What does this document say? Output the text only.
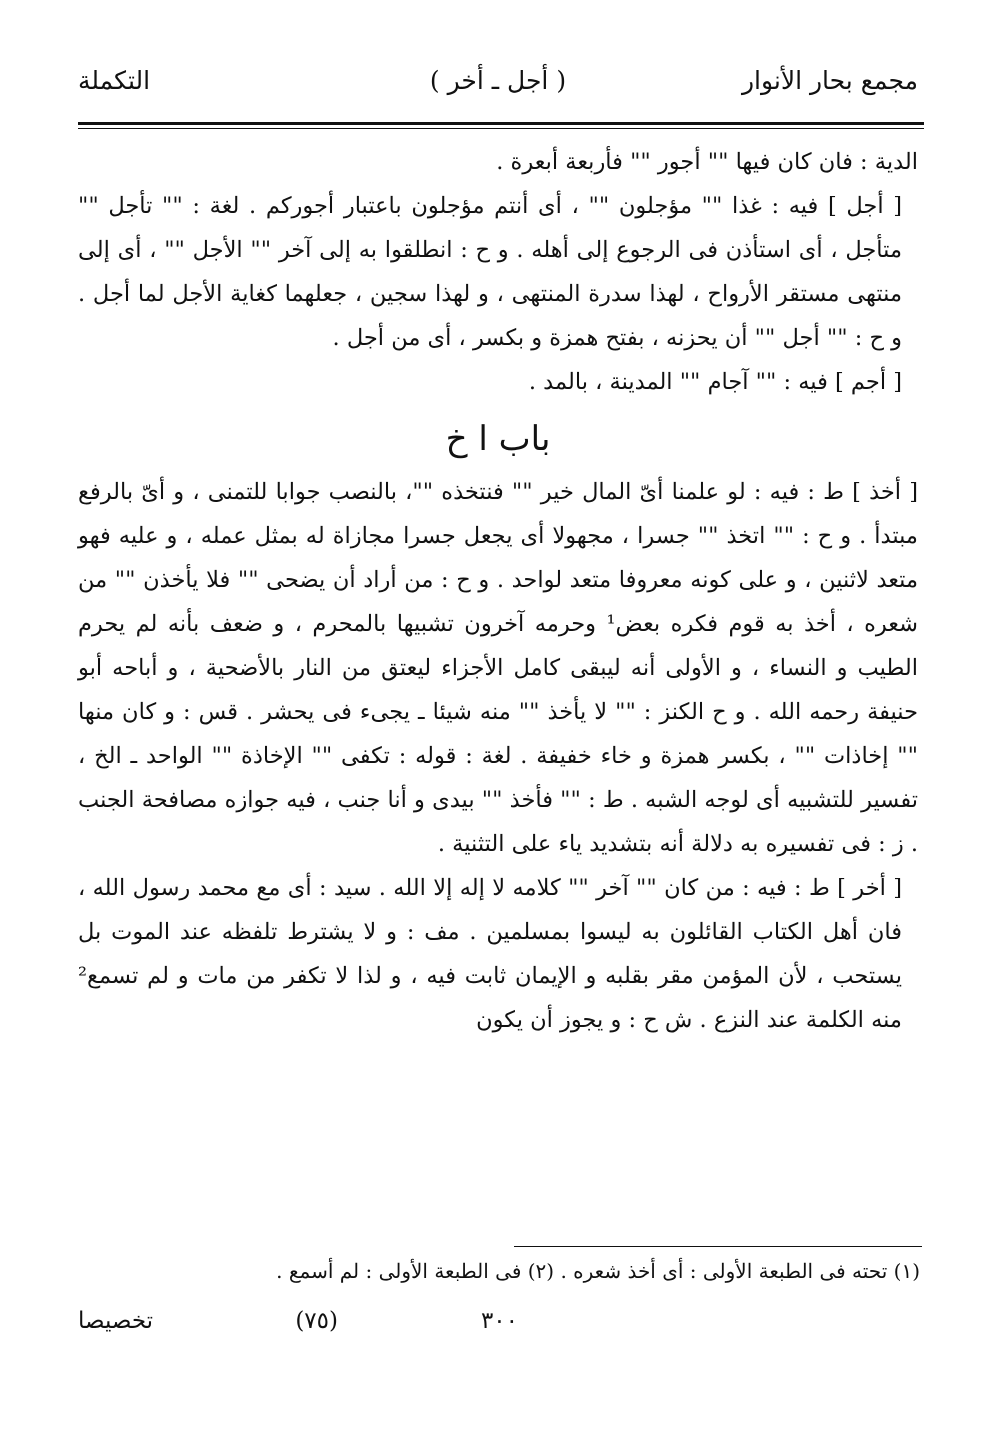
مجمع بحار الأنوار
( أجل ـ أخر )
التكملة

الدية : فان كان فيها "" أجور "" فأربعة أبعرة .

[ أجل ] فيه : غذا "" مؤجلون "" ، أى أنتم مؤجلون باعتبار أجوركم . لغة : "" تأجل "" متأجل ، أى استأذن فى الرجوع إلى أهله . و ح : انطلقوا به إلى آخر "" الأجل "" ، أى إلى منتهى مستقر الأرواح ، لهذا سدرة المنتهى ، و لهذا سجين ، جعلهما كغاية الأجل لما أجل . و ح : "" أجل "" أن يحزنه ، بفتح همزة و بكسر ، أى من أجل .

[ أجم ] فيه : "" آجام "" المدينة ، بالمد .

باب ا خ

[ أخذ ] ط : فيه : لو علمنا أىّ المال خير "" فنتخذه ""، بالنصب جوابا للتمنى ، و أىّ بالرفع مبتدأ . و ح : "" اتخذ "" جسرا ، مجهولا أى يجعل جسرا مجازاة له بمثل عمله ، و عليه فهو متعد لاثنين ، و على كونه معروفا متعد لواحد . و ح : من أراد أن يضحى "" فلا يأخذن "" من شعره ، أخذ به قوم فكره بعض¹ وحرمه آخرون تشبيها بالمحرم ، و ضعف بأنه لم يحرم الطيب و النساء ، و الأولى أنه ليبقى كامل الأجزاء ليعتق من النار بالأضحية ، و أباحه أبو حنيفة رحمه الله . و ح الكنز : "" لا يأخذ "" منه شيئا ـ يجىء فى يحشر . قس : و كان منها "" إخاذات "" ، بكسر همزة و خاء خفيفة . لغة : قوله : تكفى "" الإخاذة "" الواحد ـ الخ ، تفسير للتشبيه أى لوجه الشبه . ط : "" فأخذ "" بيدى و أنا جنب ، فيه جوازه مصافحة الجنب . ز : فى تفسيره به دلالة أنه بتشديد ياء على التثنية .

[ أخر ] ط : فيه : من كان "" آخر "" كلامه لا إله إلا الله . سيد : أى مع محمد رسول الله ، فان أهل الكتاب القائلون به ليسوا بمسلمين . مف : و لا يشترط تلفظه عند الموت بل يستحب ، لأن المؤمن مقر بقلبه و الإيمان ثابت فيه ، و لذا لا تكفر من مات و لم تسمع² منه الكلمة عند النزع . ش ح : و يجوز أن يكون

(١) تحته فى الطبعة الأولى : أى أخذ شعره . (٢) فى الطبعة الأولى : لم أسمع .
٣٠٠
(٧٥)
تخصيصا
